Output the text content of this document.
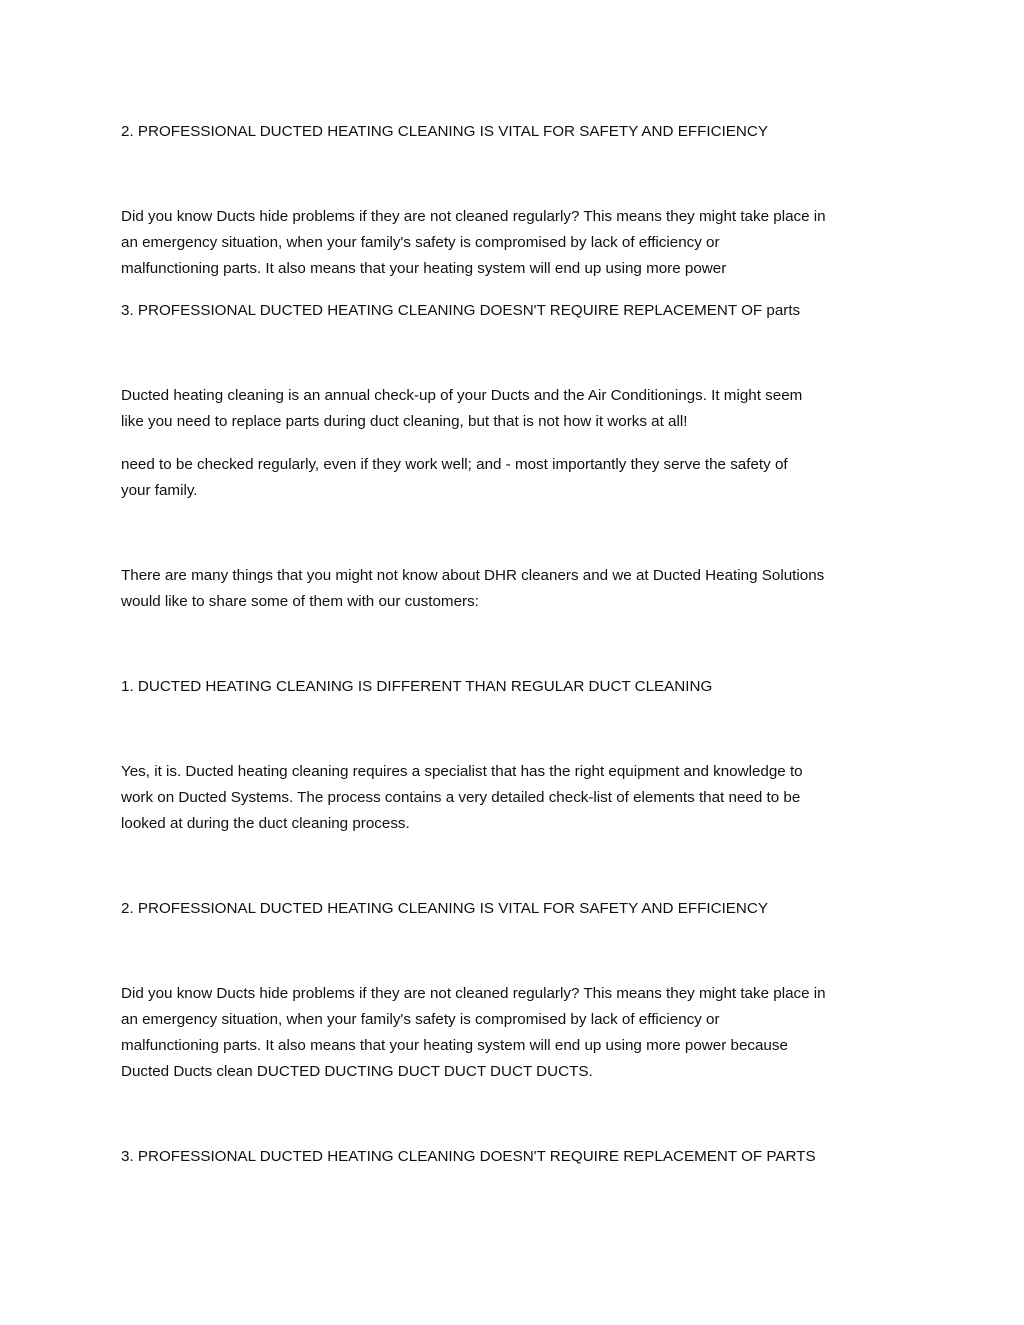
2. PROFESSIONAL DUCTED HEATING CLEANING IS VITAL FOR SAFETY AND EFFICIENCY

Did you know Ducts hide problems if they are not cleaned regularly? This means they might take place in

an emergency situation, when your family's safety is compromised by lack of efficiency or

malfunctioning parts. It also means that your heating system will end up using more power

3. PROFESSIONAL DUCTED HEATING CLEANING DOESN'T REQUIRE REPLACEMENT OF parts

Ducted heating cleaning is an annual check-up of your Ducts and the Air Conditionings. It might seem

like you need to replace parts during duct cleaning, but that is not how it works at all!

need to be checked regularly, even if they work well; and - most importantly they serve the safety of

your family.

There are many things that you might not know about DHR cleaners and we at Ducted Heating Solutions

would like to share some of them with our customers:

1. DUCTED HEATING CLEANING IS DIFFERENT THAN REGULAR DUCT CLEANING

Yes, it is. Ducted heating cleaning requires a specialist that has the right equipment and knowledge to

work on Ducted Systems. The process contains a very detailed check-list of elements that need to be

looked at during the duct cleaning process.

2. PROFESSIONAL DUCTED HEATING CLEANING IS VITAL FOR SAFETY AND EFFICIENCY

Did you know Ducts hide problems if they are not cleaned regularly? This means they might take place in

an emergency situation, when your family's safety is compromised by lack of efficiency or

malfunctioning parts. It also means that your heating system will end up using more power because

Ducted Ducts clean DUCTED DUCTING DUCT DUCT DUCT DUCTS.

3. PROFESSIONAL DUCTED HEATING CLEANING DOESN'T REQUIRE REPLACEMENT OF PARTS
